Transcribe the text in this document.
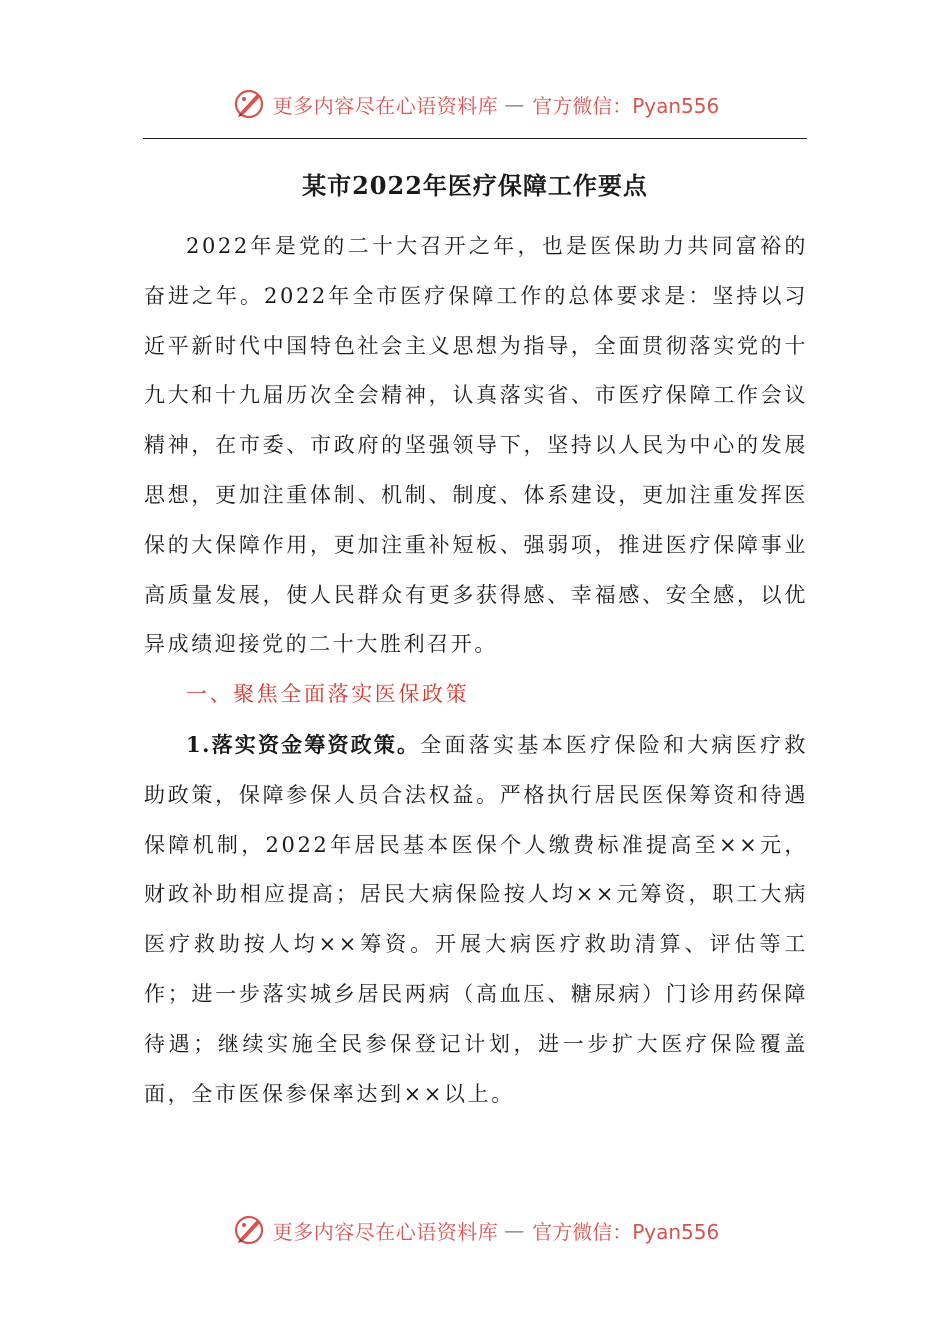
更多内容尽在心语资料库 — 官方微信：Pyan556
某市2022年医疗保障工作要点

2022年是党的二十大召开之年，也是医保助力共同富裕的奋进之年。2022年全市医疗保障工作的总体要求是：坚持以习近平新时代中国特色社会主义思想为指导，全面贯彻落实党的十九大和十九届历次全会精神，认真落实省、市医疗保障工作会议精神，在市委、市政府的坚强领导下，坚持以人民为中心的发展思想，更加注重体制、机制、制度、体系建设，更加注重发挥医保的大保障作用，更加注重补短板、强弱项，推进医疗保障事业高质量发展，使人民群众有更多获得感、幸福感、安全感，以优异成绩迎接党的二十大胜利召开。

一、聚焦全面落实医保政策

1.落实资金筹资政策。全面落实基本医疗保险和大病医疗救助政策，保障参保人员合法权益。严格执行居民医保筹资和待遇保障机制，2022年居民基本医保个人缴费标准提高至××元，财政补助相应提高；居民大病保险按人均××元筹资，职工大病医疗救助按人均××筹资。开展大病医疗救助清算、评估等工作；进一步落实城乡居民两病（高血压、糖尿病）门诊用药保障待遇；继续实施全民参保登记计划，进一步扩大医疗保险覆盖面，全市医保参保率达到××以上。

更多内容尽在心语资料库 — 官方微信：Pyan556
